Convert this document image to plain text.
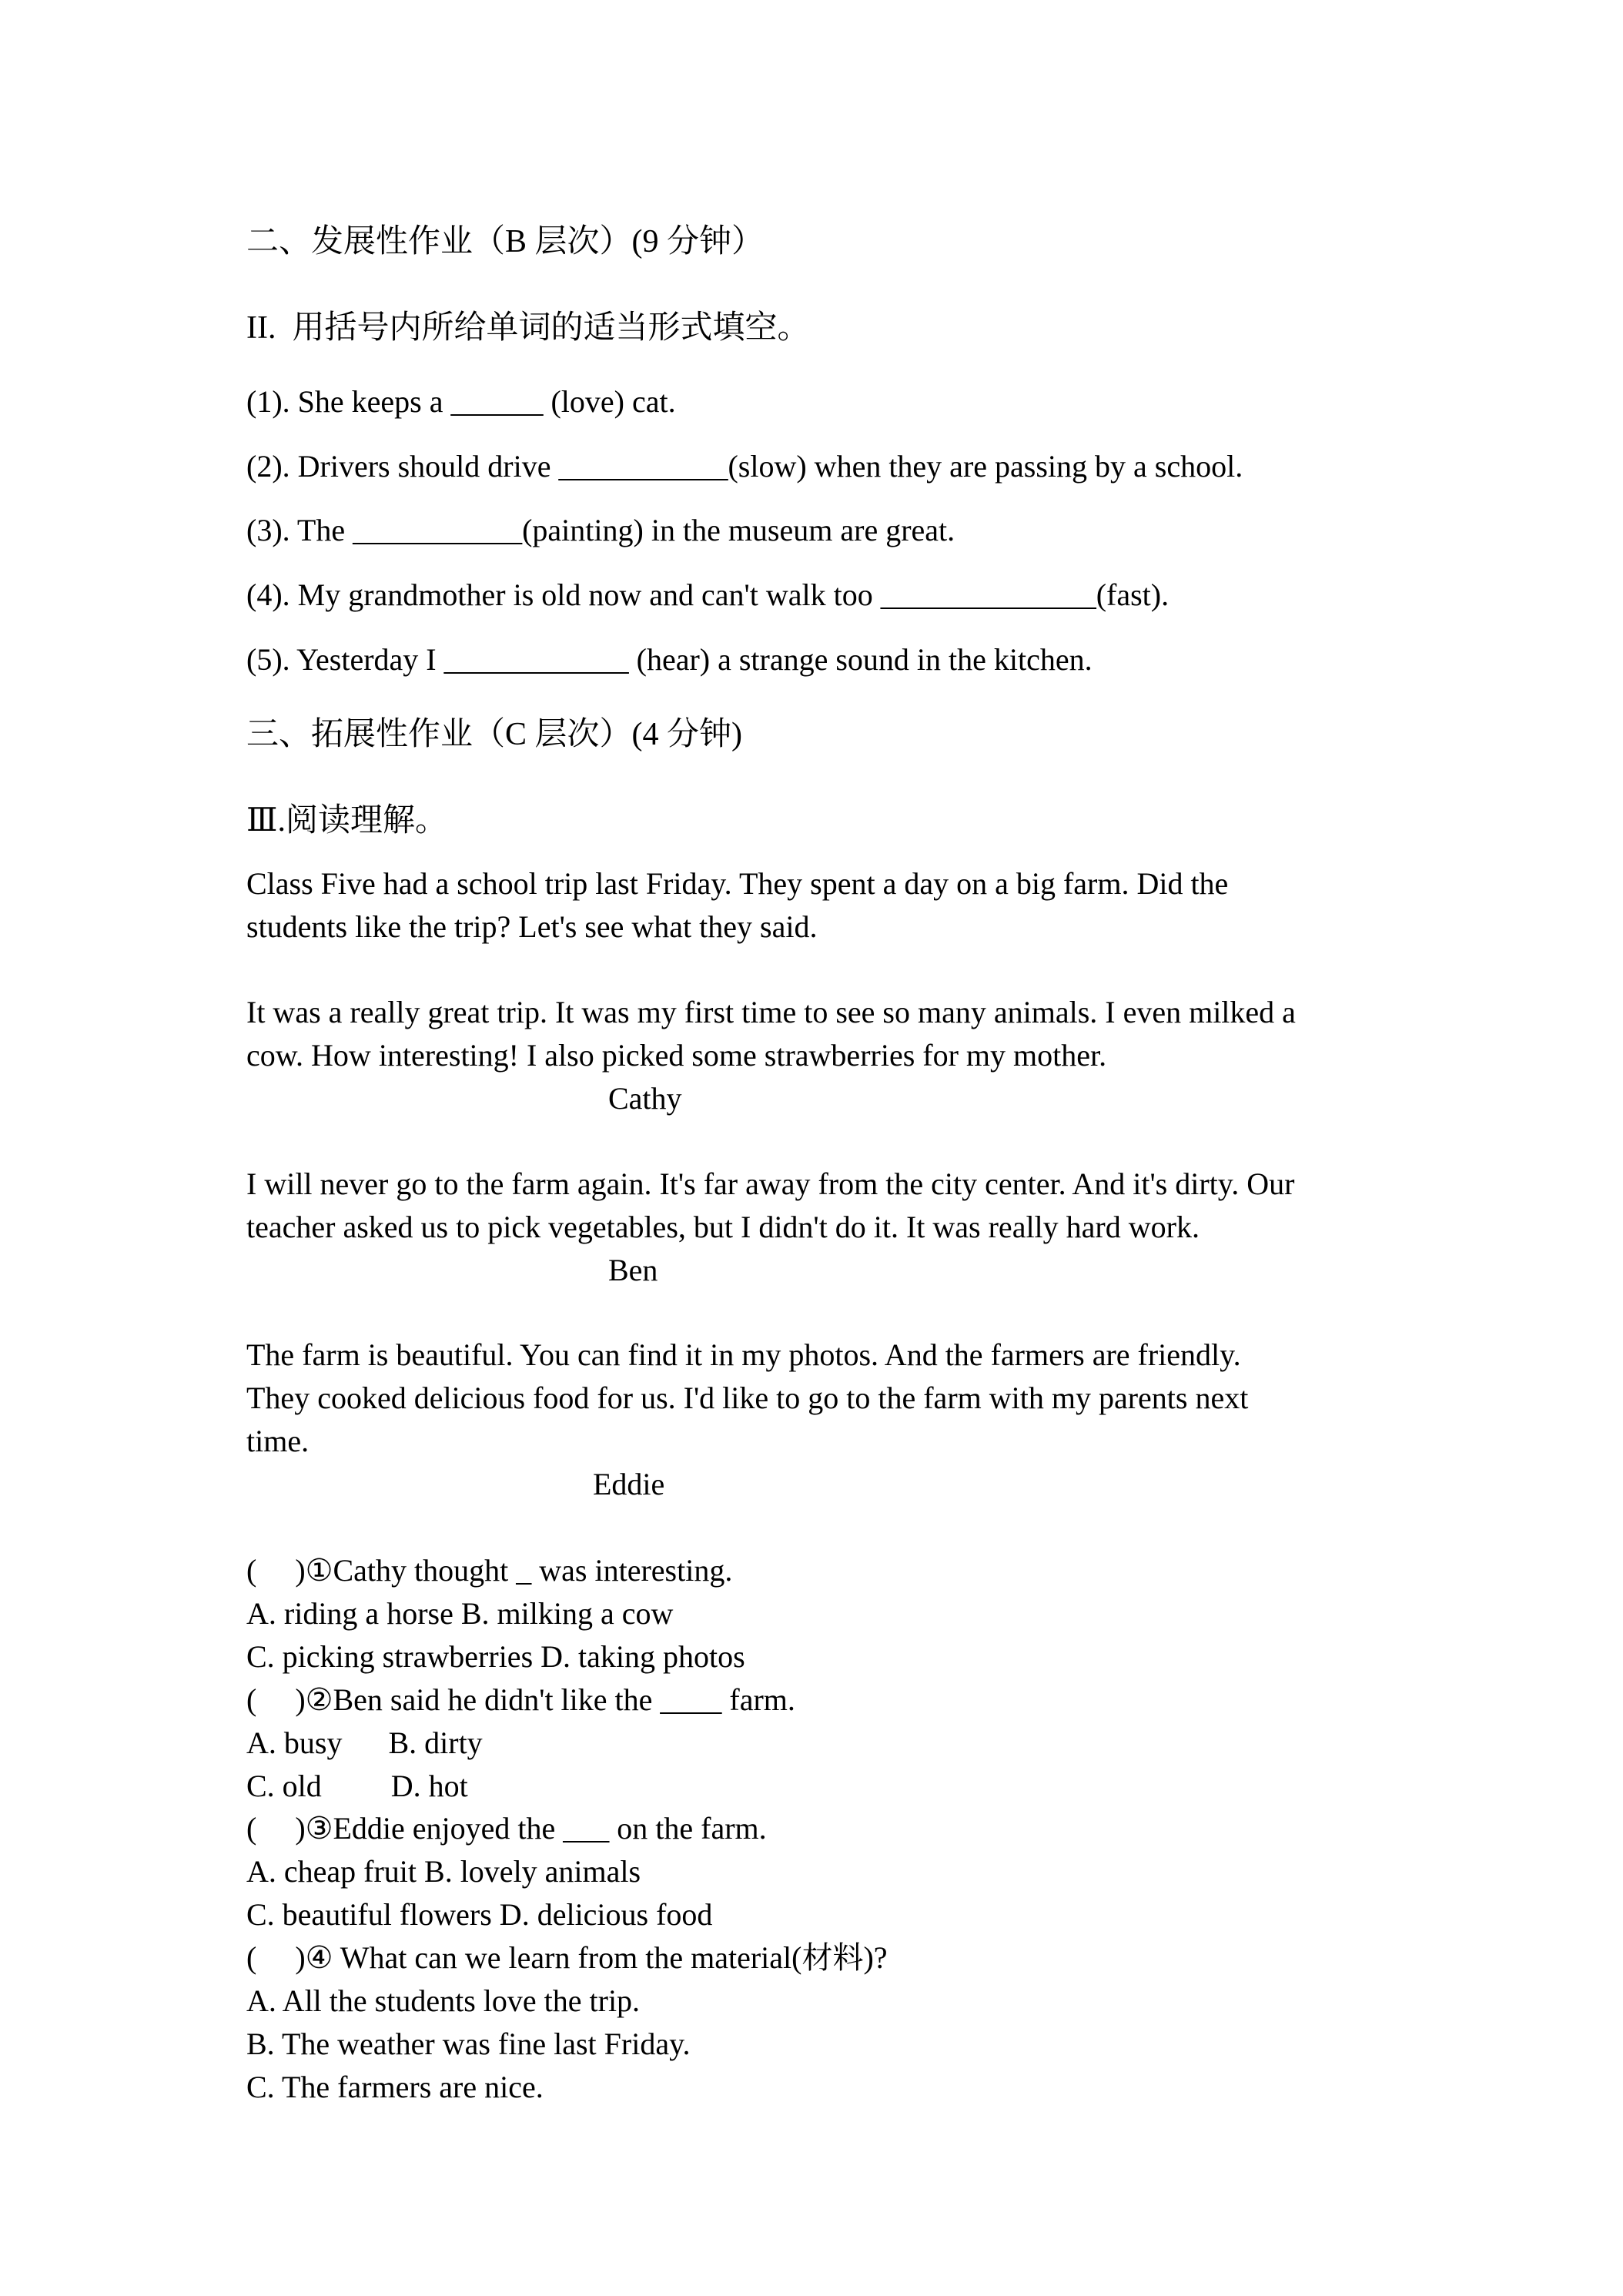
二、发展性作业（B 层次）(9 分钟）
II.  用括号内所给单词的适当形式填空。
(1). She keeps a ______ (love) cat.
(2). Drivers should drive ___________(slow) when they are passing by a school.
(3). The ___________(painting) in the museum are great.
(4). My grandmother is old now and can't walk too ______________(fast).
(5). Yesterday I ____________ (hear) a strange sound in the kitchen.
三、拓展性作业（C 层次）(4 分钟)
Ⅲ.阅读理解。
Class Five had a school trip last Friday. They spent a day on a big farm. Did the
students like the trip? Let's see what they said.
It was a really great trip. It was my first time to see so many animals. I even milked a
cow. How interesting! I also picked some strawberries for my mother.
Cathy
I will never go to the farm again. It's far away from the city center. And it's dirty. Our
teacher asked us to pick vegetables, but I didn't do it. It was really hard work.
Ben
The farm is beautiful. You can find it in my photos. And the farmers are friendly.
They cooked delicious food for us. I'd like to go to the farm with my parents next
time.
Eddie
(     )①Cathy thought _ was interesting.
A. riding a horse B. milking a cow
C. picking strawberries D. taking photos
(     )②Ben said he didn't like the ____ farm.
A. busy      B. dirty
C. old         D. hot
(     )③Eddie enjoyed the ___ on the farm.
A. cheap fruit B. lovely animals
C. beautiful flowers D. delicious food
(     )④ What can we learn from the material(材料)?
A. All the students love the trip.
B. The weather was fine last Friday.
C. The farmers are nice.
